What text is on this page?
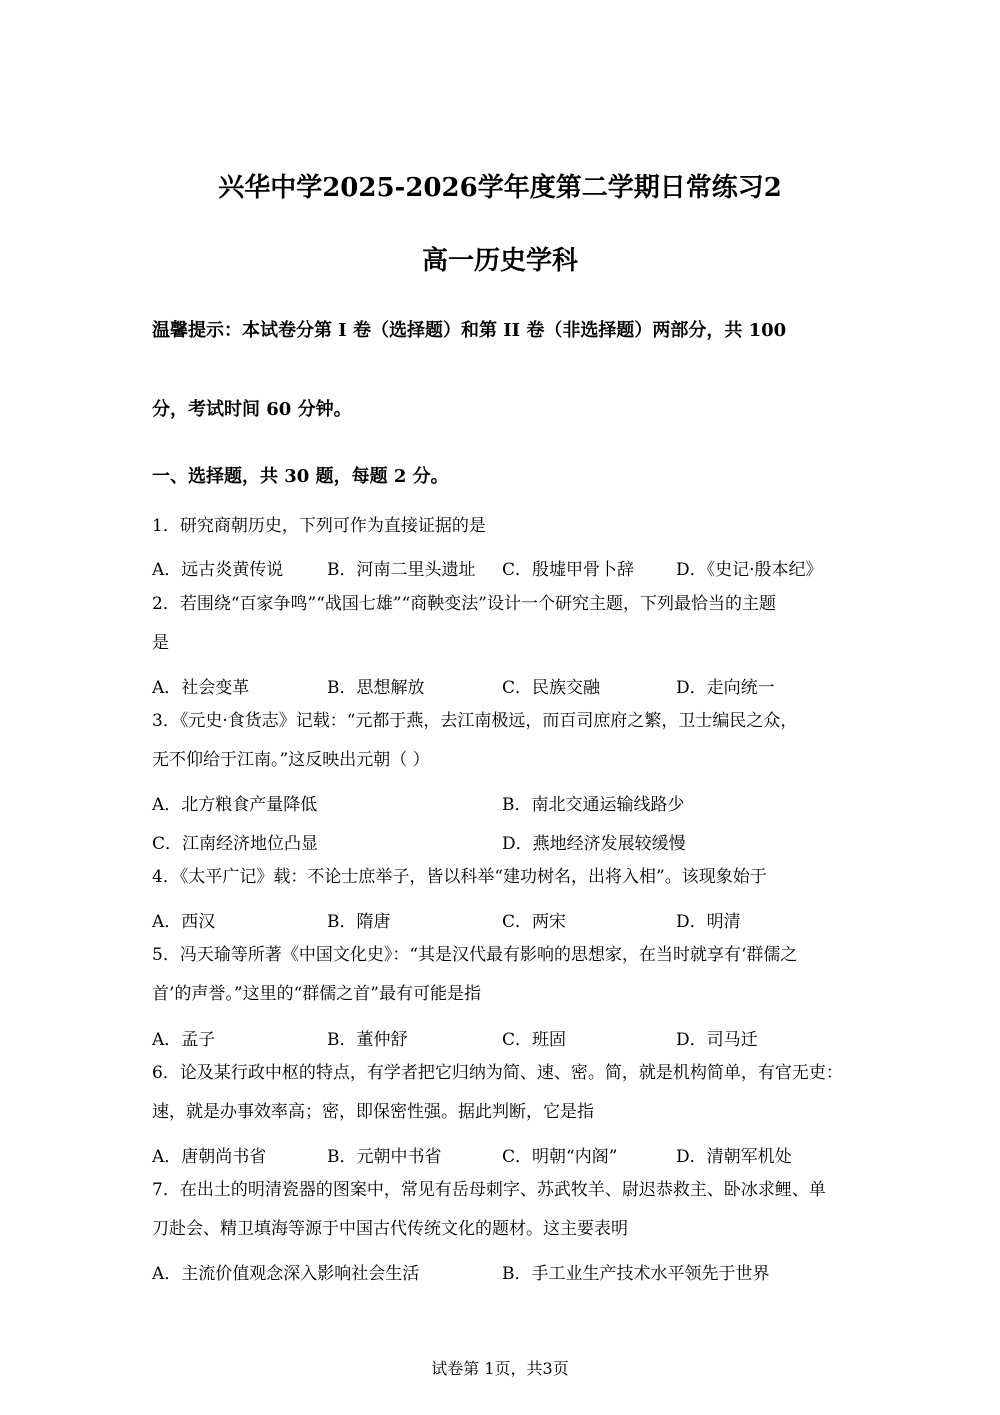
兴华中学2025-2026学年度第二学期日常练习2
高一历史学科
温馨提示：本试卷分第 I 卷（选择题）和第 II 卷（非选择题）两部分，共 100
分，考试时间 60 分钟。
一、选择题，共 30 题，每题 2 分。
1．研究商朝历史，下列可作为直接证据的是
A．远古炎黄传说	B．河南二里头遗址 C．殷墟甲骨卜辞 D．《史记·殷本纪》
2．若围绕“百家争鸣”“战国七雄”“商鞅变法”设计一个研究主题，下列最恰当的主题
是
A．社会变革	B．思想解放	C．民族交融	D．走向统一
3．《元史·食货志》记载：“元都于燕，去江南极远，而百司庶府之繁，卫士编民之众，
无不仰给于江南。”这反映出元朝（ ）
A．北方粮食产量降低	B．南北交通运输线路少
C．江南经济地位凸显	D．燕地经济发展较缓慢
4．《太平广记》载：不论士庶举子，皆以科举“建功树名，出将入相”。该现象始于
A．西汉	B．隋唐	C．两宋	D．明清
5．冯天瑜等所著《中国文化史》：“其是汉代最有影响的思想家，在当时就享有‘群儒之
首’的声誉。”这里的“群儒之首”最有可能是指
A．孟子	B．董仲舒	C．班固	D．司马迁
6．论及某行政中枢的特点，有学者把它归纳为简、速、密。简，就是机构简单，有官无吏：
速，就是办事效率高；密，即保密性强。据此判断，它是指
A．唐朝尚书省	B．元朝中书省	C．明朝“内阁”	D．清朝军机处
7．在出土的明清瓷器的图案中，常见有岳母刺字、苏武牧羊、尉迟恭救主、卧冰求鲤、单
刀赴会、精卫填海等源于中国古代传统文化的题材。这主要表明
A．主流价值观念深入影响社会生活	B．手工业生产技术水平领先于世界
试卷第 1页，共3页
